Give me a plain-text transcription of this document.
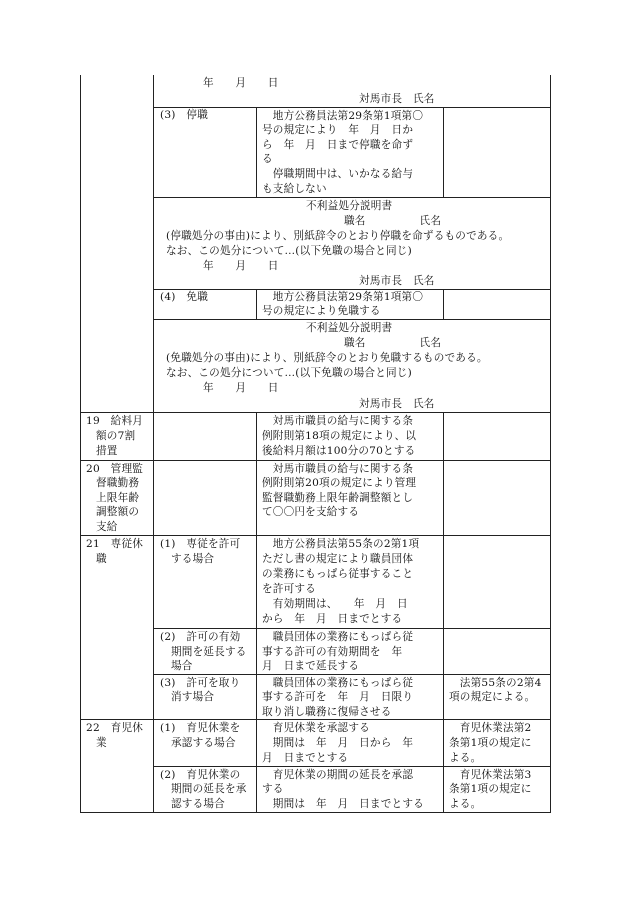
年　　月　　日
対馬市長　氏名
(3)　停職	　地方公務員法第29条第1項第〇
号の規定により　年　月　日か
ら　年　月　日まで停職を命ず
る
　停職期間中は、いかなる給与
も支給しない
不利益処分説明書
職名　　　　　氏名
(停職処分の事由)により、別紙辞令のとおり停職を命ずるものである。
なお、この処分について…(以下免職の場合と同じ)
年　　月　　日
対馬市長　氏名
(4)　免職	　地方公務員法第29条第1項第〇
号の規定により免職する
不利益処分説明書
職名　　　　　氏名
(免職処分の事由)により、別紙辞令のとおり免職するものである。
なお、この処分について…(以下免職の場合と同じ)
年　　月　　日
対馬市長　氏名
19　給料月
額の7割
措置
　対馬市職員の給与に関する条
例附則第18項の規定により、以
後給料月額は100分の70とする
20　管理監
督職勤務
上限年齢
調整額の
支給
　対馬市職員の給与に関する条
例附則第20項の規定により管理
監督職勤務上限年齢調整額とし
て〇〇円を支給する
21　専従休
職
(1)　専従を許可
する場合
　地方公務員法第55条の2第1項
ただし書の規定により職員団体
の業務にもっぱら従事すること
を許可する
　有効期間は、　　年　月　日
から　年　月　日までとする
(2)　許可の有効
期間を延長する
場合
　職員団体の業務にもっぱら従
事する許可の有効期間を　年
月　日まで延長する
(3)　許可を取り
消す場合
　職員団体の業務にもっぱら従
事する許可を　年　月　日限り
取り消し職務に復帰させる
　法第55条の2第4
項の規定による。
22　育児休
業
(1)　育児休業を
承認する場合
　育児休業を承認する
　期間は　年　月　日から　年
月　日までとする
　育児休業法第2
条第1項の規定に
よる。
(2)　育児休業の
期間の延長を承
認する場合
　育児休業の期間の延長を承認
する
　期間は　年　月　日までとする
　育児休業法第3
条第1項の規定に
よる。
